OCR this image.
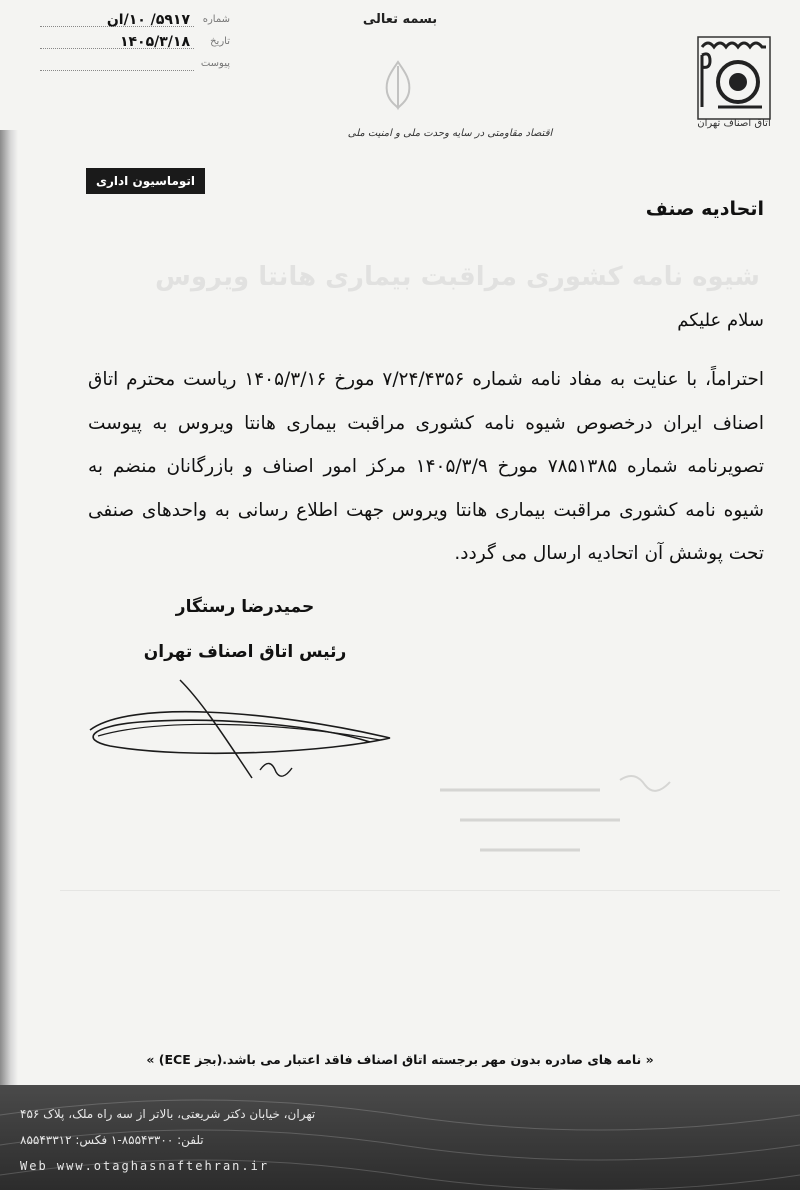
شماره
۵۹۱۷/ ۱۰/ان
تاریخ
۱۴۰۵/۳/۱۸
پیوست
بسمه تعالی
اقتصاد مقاومتی در سایه وحدت ملی و امنیت ملی
اتاق اصناف تهران
اتوماسیون اداری
اتحادیه صنف
شیوه نامه کشوری مراقبت بیماری هانتا ویروس
سلام علیکم
احتراماً، با عنایت به مفاد نامه شماره ۷/۲۴/۴۳۵۶ مورخ ۱۴۰۵/۳/۱۶ ریاست محترم اتاق اصناف ایران درخصوص شیوه نامه کشوری مراقبت بیماری هانتا ویروس به پیوست تصویرنامه شماره ۷۸۵۱۳۸۵ مورخ ۱۴۰۵/۳/۹ مرکز امور اصناف و بازرگانان منضم به شیوه نامه کشوری مراقبت بیماری هانتا ویروس جهت اطلاع رسانی به واحدهای صنفی تحت پوشش آن اتحادیه ارسال می گردد.
حمیدرضا رستگار
رئیس اتاق اصناف تهران
« نامه های صادره بدون مهر برجسته اتاق اصناف فاقد اعتبار می باشد.(بجز ECE) »
تهران، خیابان دکتر شریعتی، بالاتر از سه راه ملک، پلاک ۴۵۶
تلفن: ۸۵۵۴۳۳۰۰-۱ فکس: ۸۵۵۴۳۳۱۲
Web www.otaghasnaftehran.ir
